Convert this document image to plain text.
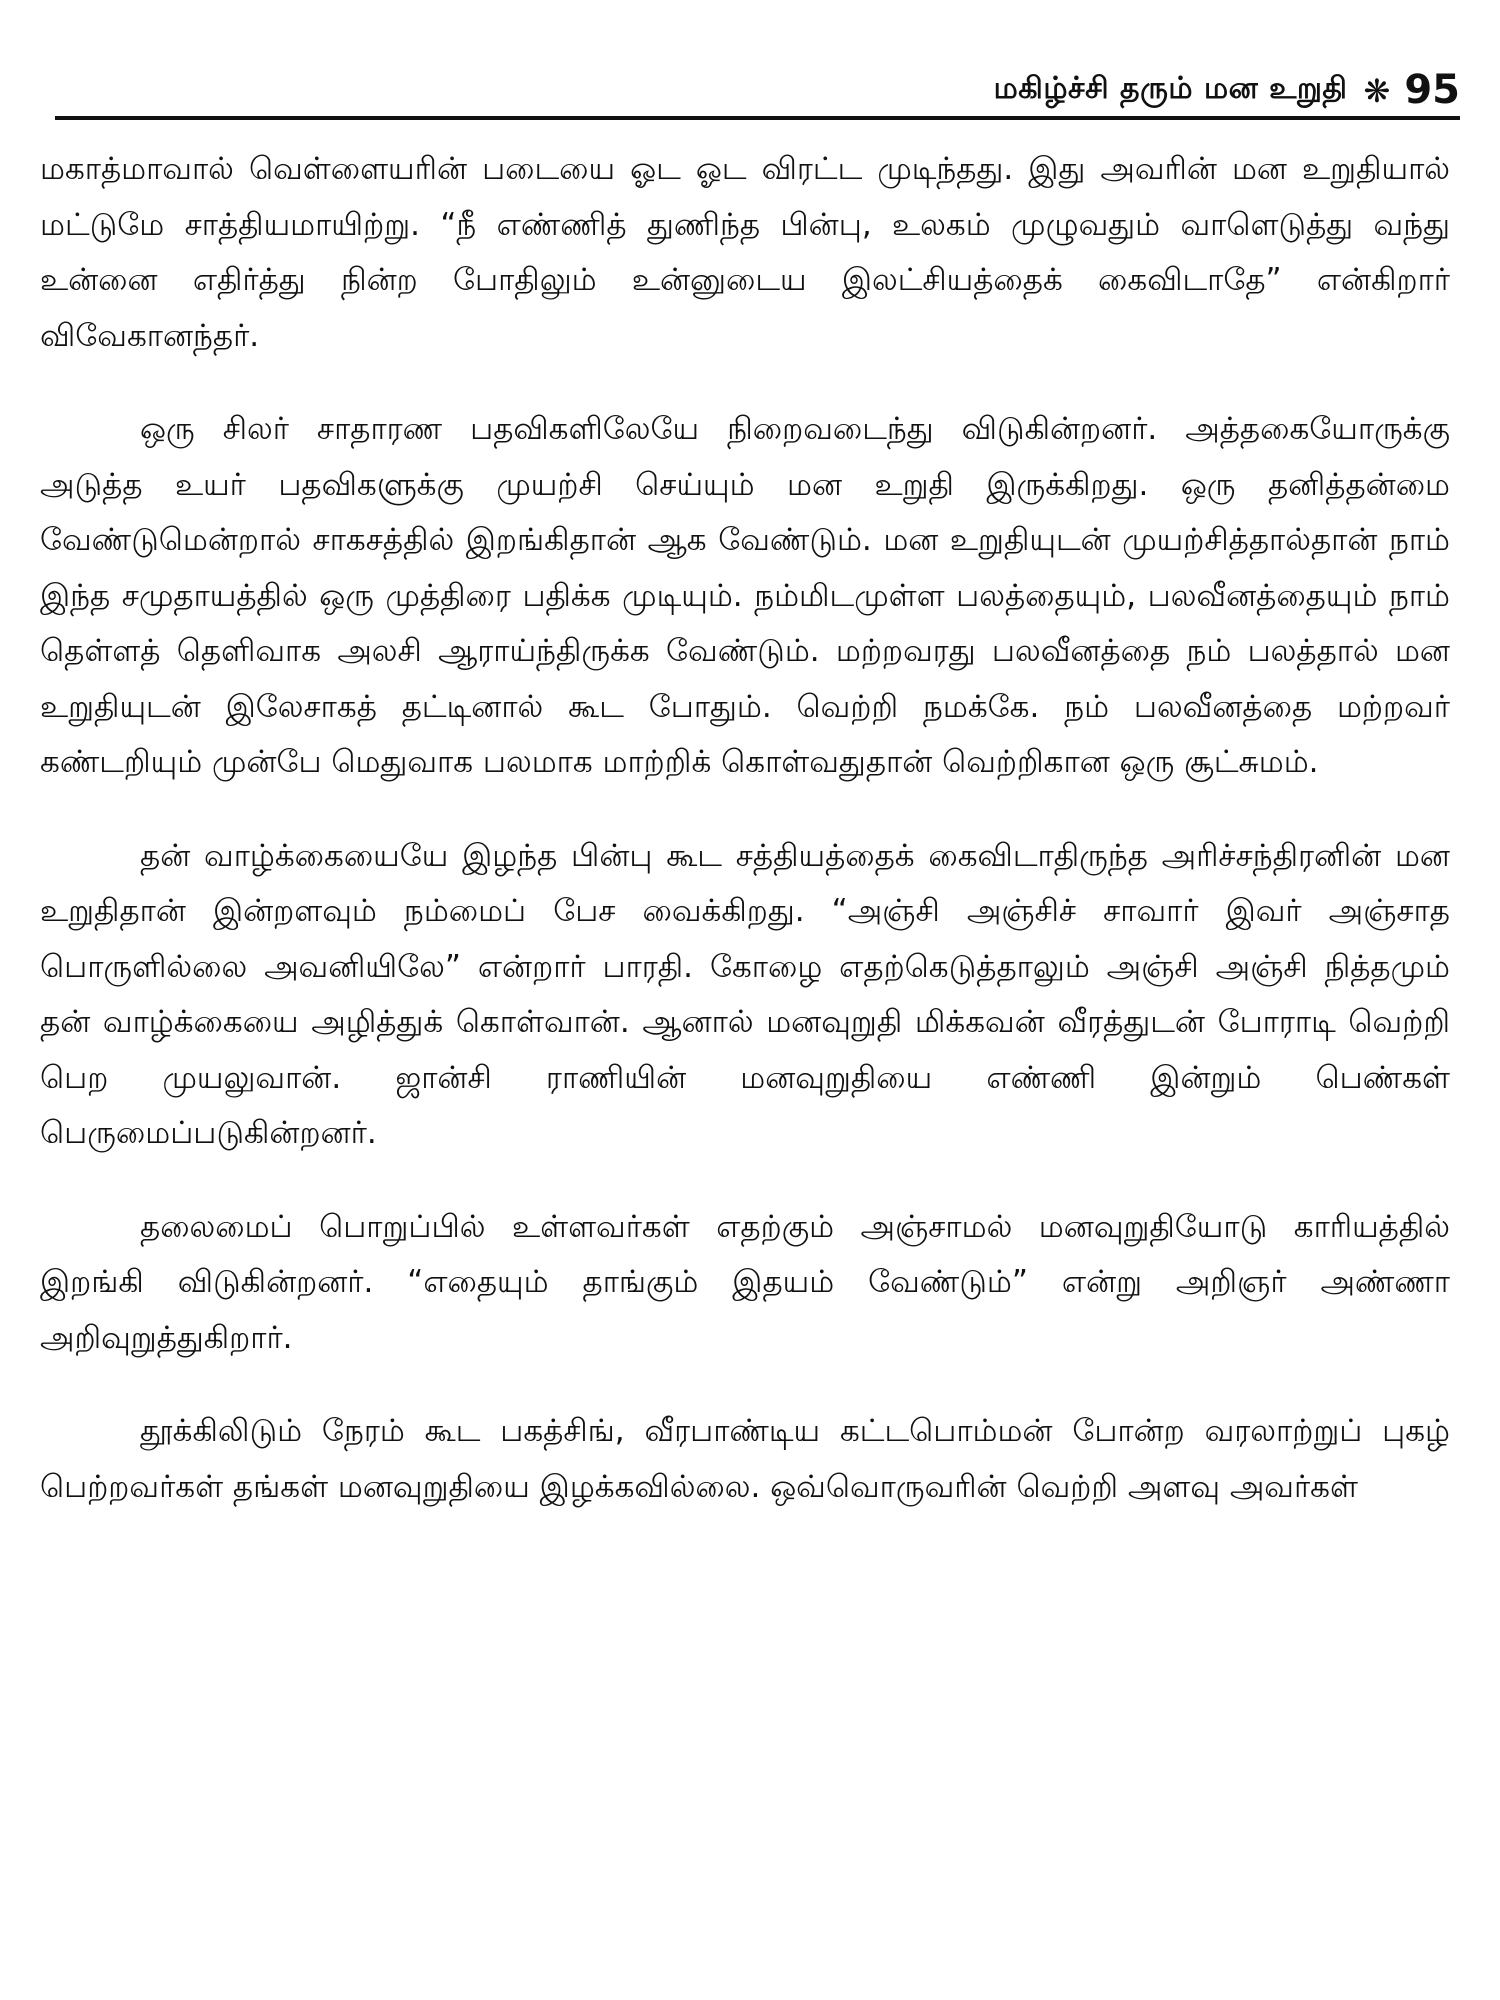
மகிழ்ச்சி தரும் மன உறுதி ❋ 95

மகாத்மாவால் வெள்ளையரின் படையை ஓட ஓட விரட்ட முடிந்தது. இது அவரின் மன உறுதியால் மட்டுமே சாத்தியமாயிற்று. “நீ எண்ணித் துணிந்த பின்பு, உலகம் முழுவதும் வாளெடுத்து வந்து உன்னை எதிர்த்து நின்ற போதிலும் உன்னுடைய இலட்சியத்தைக் கைவிடாதே” என்கிறார் விவேகானந்தர்.

ஒரு சிலர் சாதாரண பதவிகளிலேயே நிறைவடைந்து விடுகின்றனர். அத்தகையோருக்கு அடுத்த உயர் பதவிகளுக்கு முயற்சி செய்யும் மன உறுதி இருக்கிறது. ஒரு தனித்தன்மை வேண்டுமென்றால் சாகசத்தில் இறங்கிதான் ஆக வேண்டும். மன உறுதியுடன் முயற்சித்தால்தான் நாம் இந்த சமுதாயத்தில் ஒரு முத்திரை பதிக்க முடியும். நம்மிடமுள்ள பலத்தையும், பலவீனத்தையும் நாம் தெள்ளத் தெளிவாக அலசி ஆராய்ந்திருக்க வேண்டும். மற்றவரது பலவீனத்தை நம் பலத்தால் மன உறுதியுடன் இலேசாகத் தட்டினால் கூட போதும். வெற்றி நமக்கே. நம் பலவீனத்தை மற்றவர் கண்டறியும் முன்பே மெதுவாக பலமாக மாற்றிக் கொள்வதுதான் வெற்றிகான ஒரு சூட்சுமம்.

தன் வாழ்க்கையையே இழந்த பின்பு கூட சத்தியத்தைக் கைவிடாதிருந்த அரிச்சந்திரனின் மன உறுதிதான் இன்றளவும் நம்மைப் பேச வைக்கிறது. “அஞ்சி அஞ்சிச் சாவார் இவர் அஞ்சாத பொருளில்லை அவனியிலே” என்றார் பாரதி. கோழை எதற்கெடுத்தாலும் அஞ்சி அஞ்சி நித்தமும் தன் வாழ்க்கையை அழித்துக் கொள்வான். ஆனால் மனவுறுதி மிக்கவன் வீரத்துடன் போராடி வெற்றி பெற முயலுவான். ஜான்சி ராணியின் மனவுறுதியை எண்ணி இன்றும் பெண்கள் பெருமைப்படுகின்றனர்.

தலைமைப் பொறுப்பில் உள்ளவர்கள் எதற்கும் அஞ்சாமல் மனவுறுதியோடு காரியத்தில் இறங்கி விடுகின்றனர். “எதையும் தாங்கும் இதயம் வேண்டும்” என்று அறிஞர் அண்ணா அறிவுறுத்துகிறார்.

தூக்கிலிடும் நேரம் கூட பகத்சிங், வீரபாண்டிய கட்டபொம்மன் போன்ற வரலாற்றுப் புகழ் பெற்றவர்கள் தங்கள் மனவுறுதியை இழக்கவில்லை. ஒவ்வொருவரின் வெற்றி அளவு அவர்கள்
